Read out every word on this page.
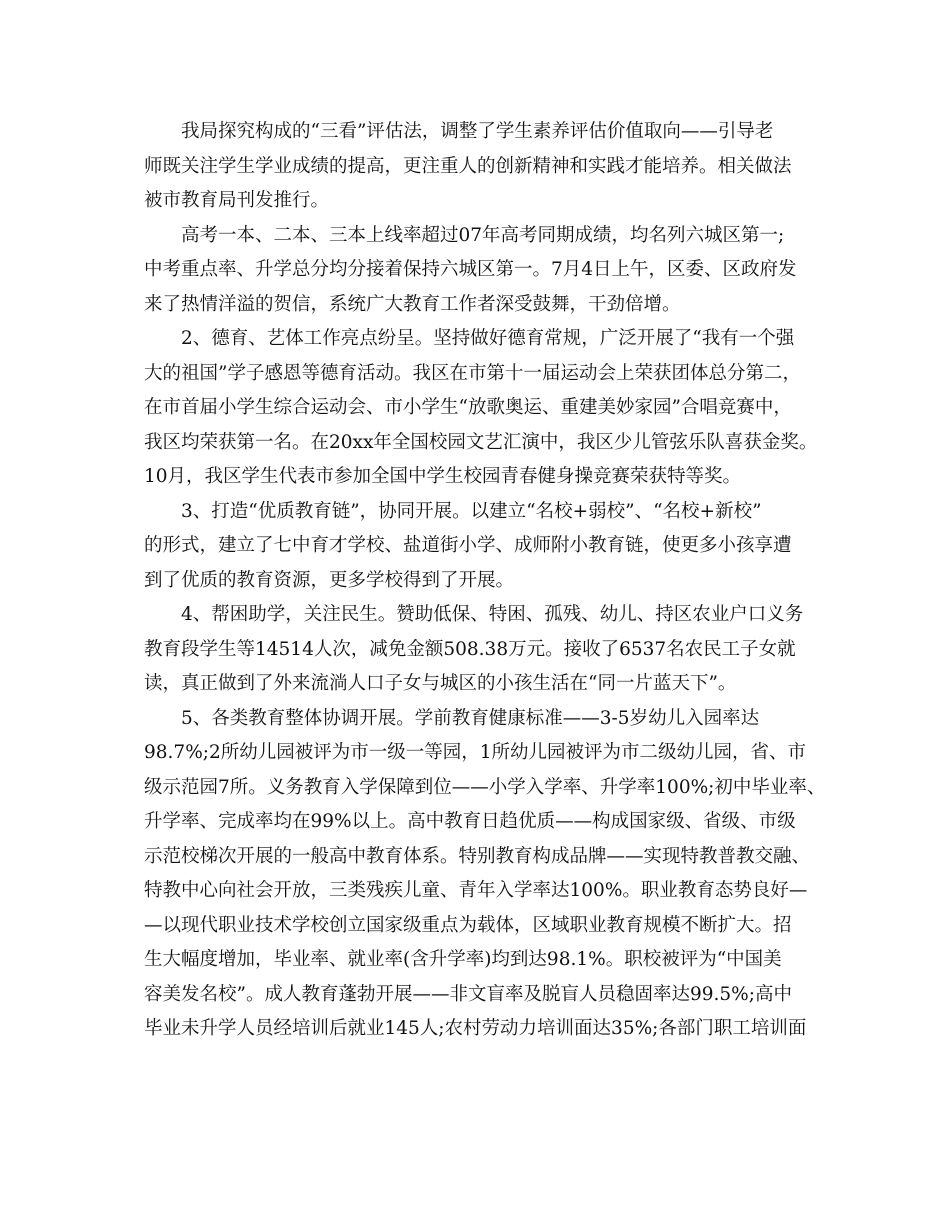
我局探究构成的“三看”评估法，调整了学生素养评估价值取向——引导老

师既关注学生学业成绩的提高，更注重人的创新精神和实践才能培养。相关做法

被市教育局刊发推行。

高考一本、二本、三本上线率超过07年高考同期成绩，均名列六城区第一;

中考重点率、升学总分均分接着保持六城区第一。7月4日上午，区委、区政府发

来了热情洋溢的贺信，系统广大教育工作者深受鼓舞，干劲倍增。

2、德育、艺体工作亮点纷呈。坚持做好德育常规，广泛开展了“我有一个强

大的祖国”学子感恩等德育活动。我区在市第十一届运动会上荣获团体总分第二，

在市首届小学生综合运动会、市小学生“放歌奥运、重建美妙家园”合唱竞赛中，

我区均荣获第一名。在20xx年全国校园文艺汇演中，我区少儿管弦乐队喜获金奖。

10月，我区学生代表市参加全国中学生校园青春健身操竞赛荣获特等奖。

3、打造“优质教育链”，协同开展。以建立“名校+弱校”、“名校+新校”

的形式，建立了七中育才学校、盐道街小学、成师附小教育链，使更多小孩享遭

到了优质的教育资源，更多学校得到了开展。

4、帮困助学，关注民生。赞助低保、特困、孤残、幼儿、持区农业户口义务

教育段学生等14514人次，减免金额508.38万元。接收了6537名农民工子女就

读，真正做到了外来流淌人口子女与城区的小孩生活在“同一片蓝天下”。

5、各类教育整体协调开展。学前教育健康标准——3-5岁幼儿入园率达

98.7%;2所幼儿园被评为市一级一等园，1所幼儿园被评为市二级幼儿园，省、市

级示范园7所。义务教育入学保障到位——小学入学率、升学率100%;初中毕业率、

升学率、完成率均在99%以上。高中教育日趋优质——构成国家级、省级、市级

示范校梯次开展的一般高中教育体系。特别教育构成品牌——实现特教普教交融、

特教中心向社会开放，三类残疾儿童、青年入学率达100%。职业教育态势良好—

—以现代职业技术学校创立国家级重点为载体，区域职业教育规模不断扩大。招

生大幅度增加，毕业率、就业率(含升学率)均到达98.1%。职校被评为“中国美

容美发名校”。成人教育蓬勃开展——非文盲率及脱盲人员稳固率达99.5%;高中

毕业未升学人员经培训后就业145人;农村劳动力培训面达35%;各部门职工培训面
